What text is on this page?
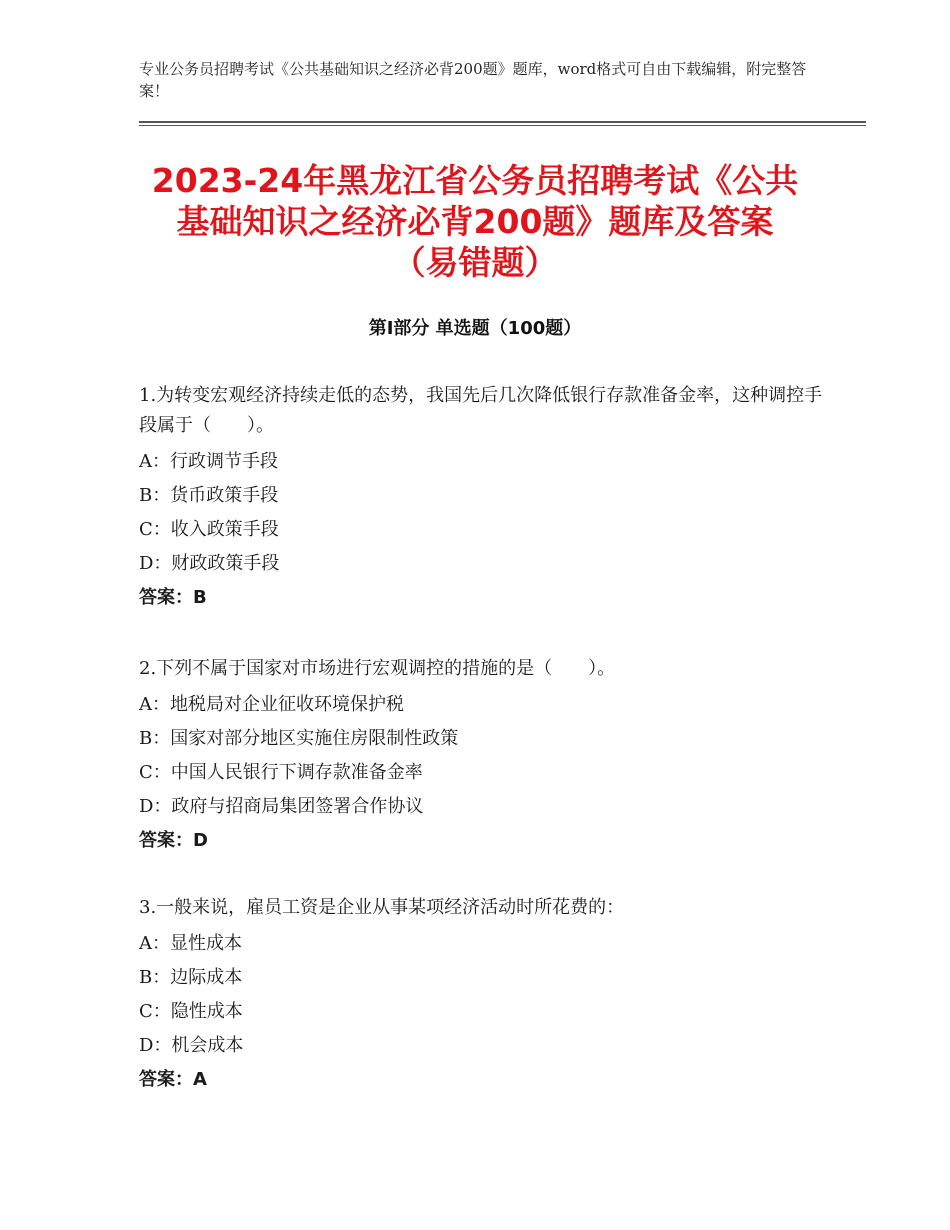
专业公务员招聘考试《公共基础知识之经济必背200题》题库，word格式可自由下载编辑，附完整答案！
2023-24年黑龙江省公务员招聘考试《公共
基础知识之经济必背200题》题库及答案
（易错题）
第Ⅰ部分 单选题（100题）
1.为转变宏观经济持续走低的态势，我国先后几次降低银行存款准备金率，这种调控手段属于（　　）。
A：行政调节手段
B：货币政策手段
C：收入政策手段
D：财政政策手段
答案：B
2.下列不属于国家对市场进行宏观调控的措施的是（　　）。
A：地税局对企业征收环境保护税
B：国家对部分地区实施住房限制性政策
C：中国人民银行下调存款准备金率
D：政府与招商局集团签署合作协议
答案：D
3.一般来说，雇员工资是企业从事某项经济活动时所花费的：
A：显性成本
B：边际成本
C：隐性成本
D：机会成本
答案：A
